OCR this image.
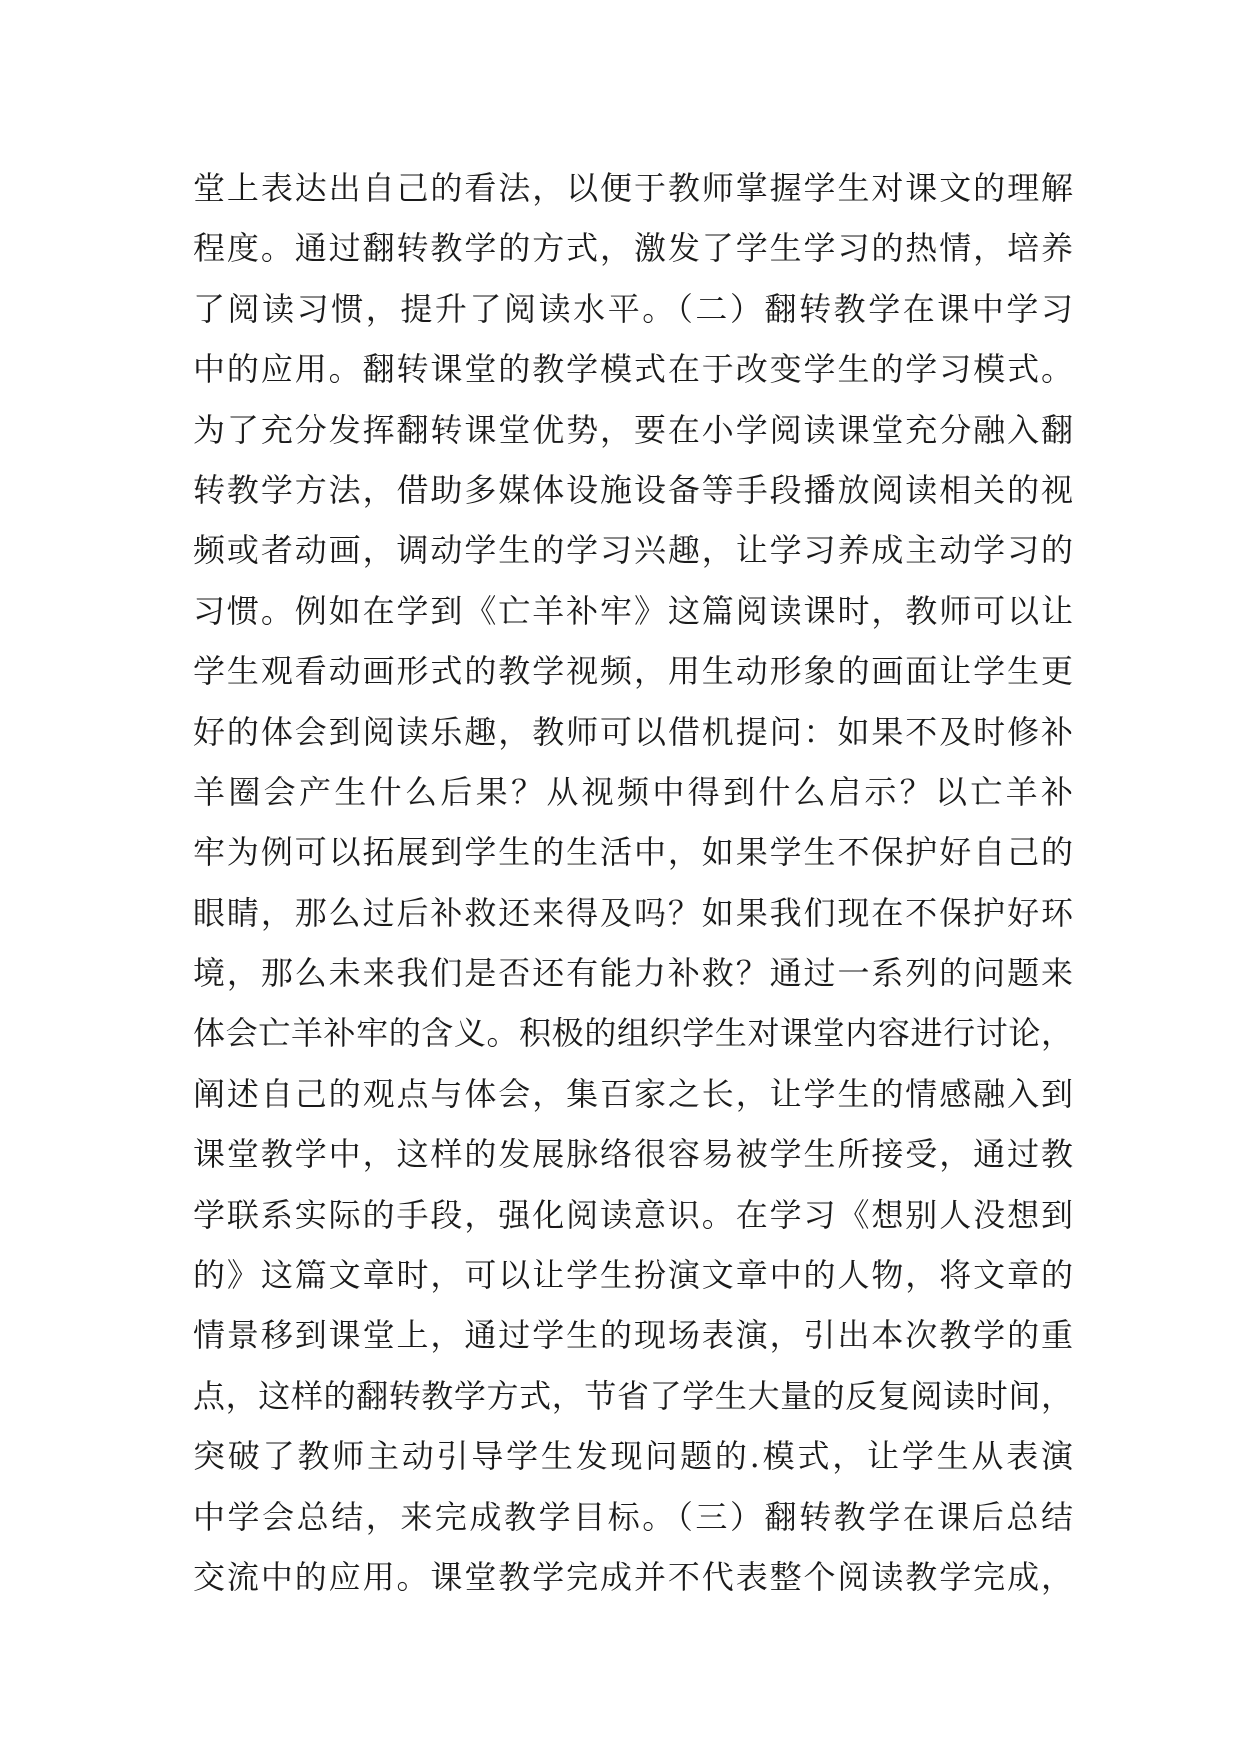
堂上表达出自己的看法，以便于教师掌握学生对课文的理解
程度。通过翻转教学的方式，激发了学生学习的热情，培养
了阅读习惯，提升了阅读水平。（二）翻转教学在课中学习
中的应用。翻转课堂的教学模式在于改变学生的学习模式。
为了充分发挥翻转课堂优势，要在小学阅读课堂充分融入翻
转教学方法，借助多媒体设施设备等手段播放阅读相关的视
频或者动画，调动学生的学习兴趣，让学习养成主动学习的
习惯。例如在学到《亡羊补牢》这篇阅读课时，教师可以让
学生观看动画形式的教学视频，用生动形象的画面让学生更
好的体会到阅读乐趣，教师可以借机提问：如果不及时修补
羊圈会产生什么后果？从视频中得到什么启示？以亡羊补
牢为例可以拓展到学生的生活中，如果学生不保护好自己的
眼睛，那么过后补救还来得及吗？如果我们现在不保护好环
境，那么未来我们是否还有能力补救？通过一系列的问题来
体会亡羊补牢的含义。积极的组织学生对课堂内容进行讨论，
阐述自己的观点与体会，集百家之长，让学生的情感融入到
课堂教学中，这样的发展脉络很容易被学生所接受，通过教
学联系实际的手段，强化阅读意识。在学习《想别人没想到
的》这篇文章时，可以让学生扮演文章中的人物，将文章的
情景移到课堂上，通过学生的现场表演，引出本次教学的重
点，这样的翻转教学方式，节省了学生大量的反复阅读时间，
突破了教师主动引导学生发现问题的.模式，让学生从表演
中学会总结，来完成教学目标。（三）翻转教学在课后总结
交流中的应用。课堂教学完成并不代表整个阅读教学完成，
